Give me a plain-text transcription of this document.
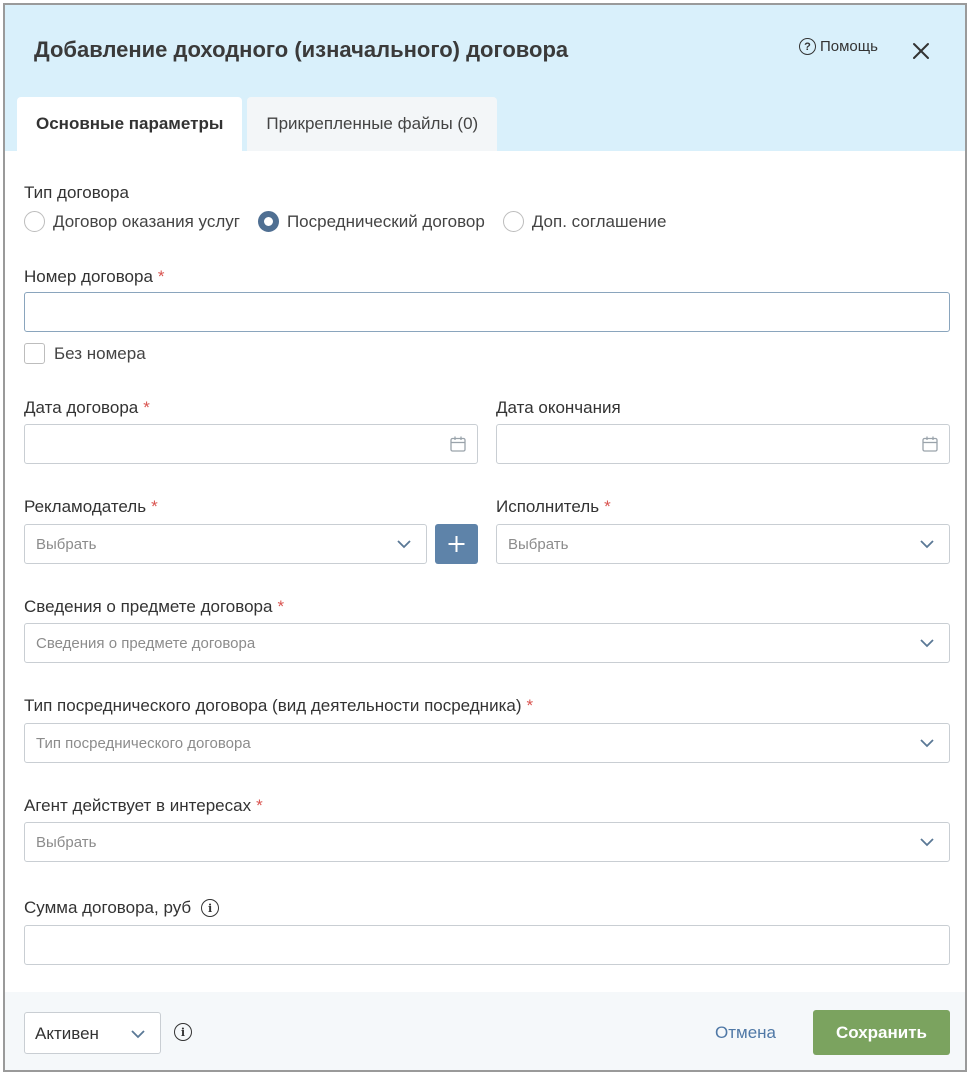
Добавление доходного (изначального) договора	? Помощь
Основные параметры	Прикрепленные файлы (0)
Тип договора
Договор оказания услуг	Посреднический договор	Доп. соглашение
Номер договора *
Без номера
Дата договора *	Дата окончания
Рекламодатель *
Выбрать
Исполнитель *
Выбрать
Сведения о предмете договора *
Сведения о предмете договора
Тип посреднического договора (вид деятельности посредника) *
Тип посреднического договора
Агент действует в интересах *
Выбрать
Сумма договора, руб	i
Активен	i	Отмена	Сохранить
